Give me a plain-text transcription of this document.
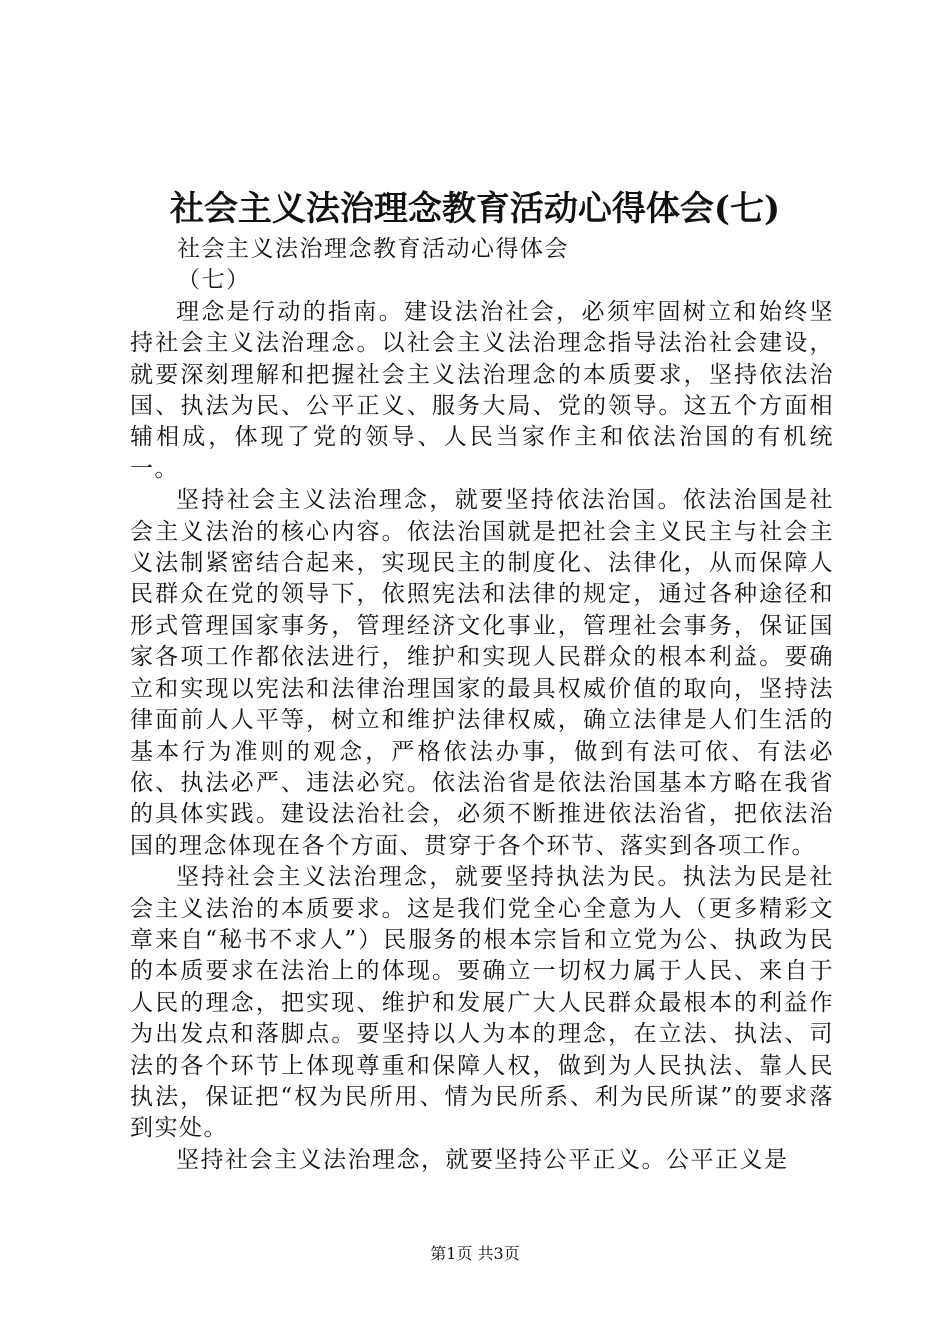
社会主义法治理念教育活动心得体会(七)

社会主义法治理念教育活动心得体会

（七）

理念是行动的指南。建设法治社会，必须牢固树立和始终坚持社会主义法治理念。以社会主义法治理念指导法治社会建设，就要深刻理解和把握社会主义法治理念的本质要求，坚持依法治国、执法为民、公平正义、服务大局、党的领导。这五个方面相辅相成，体现了党的领导、人民当家作主和依法治国的有机统一。

坚持社会主义法治理念，就要坚持依法治国。依法治国是社会主义法治的核心内容。依法治国就是把社会主义民主与社会主义法制紧密结合起来，实现民主的制度化、法律化，从而保障人民群众在党的领导下，依照宪法和法律的规定，通过各种途径和形式管理国家事务，管理经济文化事业，管理社会事务，保证国家各项工作都依法进行，维护和实现人民群众的根本利益。要确立和实现以宪法和法律治理国家的最具权威价值的取向，坚持法律面前人人平等，树立和维护法律权威，确立法律是人们生活的基本行为准则的观念，严格依法办事，做到有法可依、有法必依、执法必严、违法必究。依法治省是依法治国基本方略在我省的具体实践。建设法治社会，必须不断推进依法治省，把依法治国的理念体现在各个方面、贯穿于各个环节、落实到各项工作。

坚持社会主义法治理念，就要坚持执法为民。执法为民是社会主义法治的本质要求。这是我们党全心全意为人（更多精彩文章来自“秘书不求人”）民服务的根本宗旨和立党为公、执政为民的本质要求在法治上的体现。要确立一切权力属于人民、来自于人民的理念，把实现、维护和发展广大人民群众最根本的利益作为出发点和落脚点。要坚持以人为本的理念，在立法、执法、司法的各个环节上体现尊重和保障人权，做到为人民执法、靠人民执法，保证把“权为民所用、情为民所系、利为民所谋”的要求落到实处。

坚持社会主义法治理念，就要坚持公平正义。公平正义是

第1页 共3页
